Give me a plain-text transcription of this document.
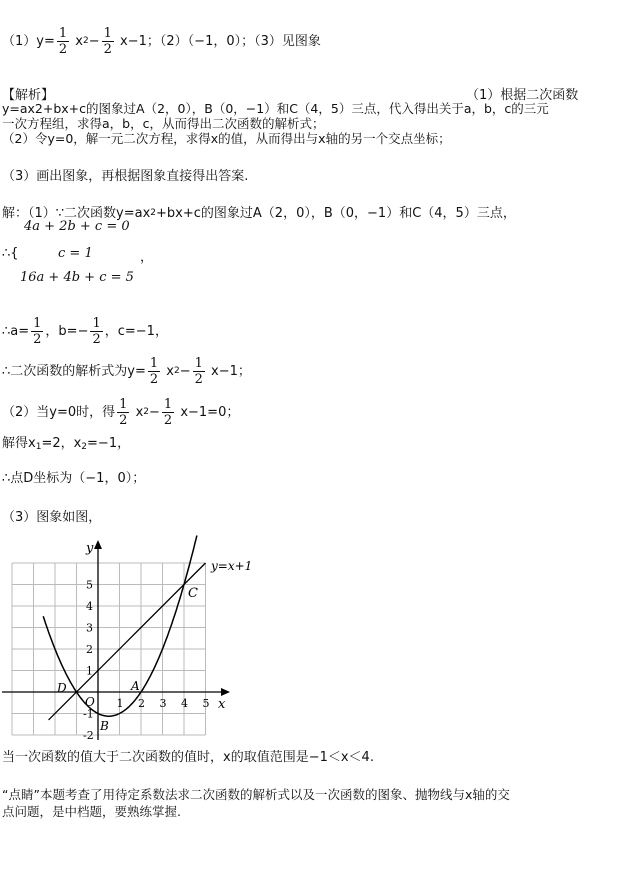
$(1)y= \frac{1}{2} x2- \frac{1}{2} x-1$；（2）（−1，0）；（3）见图象
【解析】	（1）根据二次函数
y=ax2+bx+c的图象过A（2，0），B（0，−1）和C（4，5）三点，代入得出关于a，b，c的三元
一次方程组，求得a，b，c，从而得出二次函数的解析式；
（2）令y=0，解一元二次方程，求得x的值，从而得出与x轴的另一个交点坐标；
（3）画出图象，再根据图象直接得出答案.
解：（1）∵二次函数y=ax2+bx+c的图象过A（2，0），B（0，−1）和C（4，5）三点，
4a + 2b + c = 0
∴{	c = 1	，
16a + 4b + c = 5
∴a= $\frac{1}{2}$ ，$b=- \frac{1}{2}$ ，c=−1，
∴二次函数的解析式为$y= \frac{1}{2} x2- \frac{1}{2} x-1$；
（2）当y=0时，得 $\frac{1}{2} x2- \frac{1}{2} x-1=0$；
解得$x_1=2$，$x_2=-1$，
∴点D坐标为（−1，0）；
（3）图象如图，
y
x
y=x+1
C
A
B
D
O 1 2 3 4 5
1
2
3
4
5
-1
-2
当一次函数的值大于二次函数的值时，x的取值范围是−1＜x＜4.
“点睛”本题考查了用待定系数法求二次函数的解析式以及一次函数的图象、抛物线与x轴的交
点问题，是中档题，要熟练掌握.
